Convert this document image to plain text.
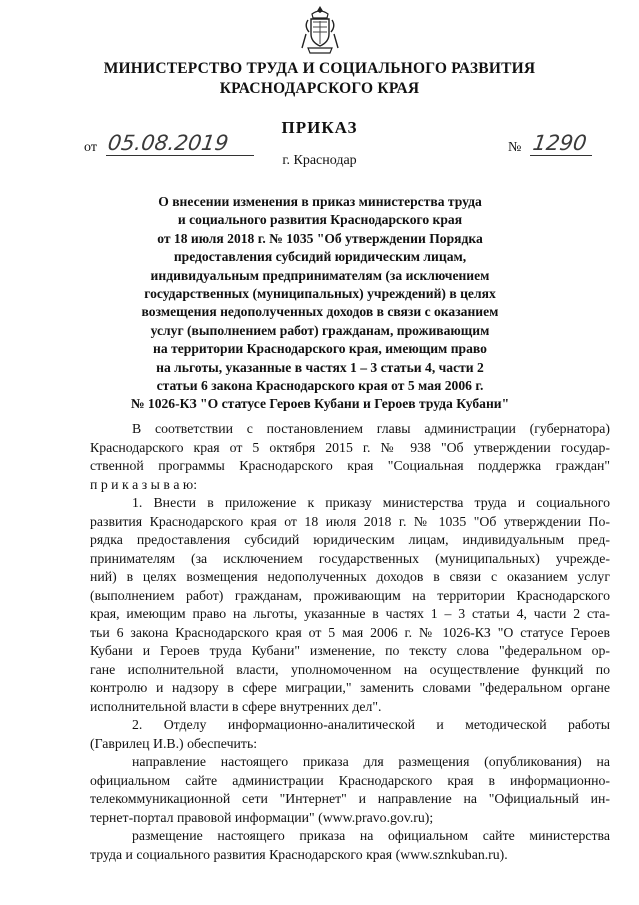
МИНИСТЕРСТВО ТРУДА И СОЦИАЛЬНОГО РАЗВИТИЯ
КРАСНОДАРСКОГО КРАЯ
ПРИКАЗ
от 05.08.2019	№ 1290
г. Краснодар
О внесении изменения в приказ министерства труда
и социального развития Краснодарского края
от 18 июля 2018 г. № 1035 "Об утверждении Порядка
предоставления субсидий юридическим лицам,
индивидуальным предпринимателям (за исключением
государственных (муниципальных) учреждений) в целях
возмещения недополученных доходов в связи с оказанием
услуг (выполнением работ) гражданам, проживающим
на территории Краснодарского края, имеющим право
на льготы, указанные в частях 1 – 3 статьи 4, части 2
статьи 6 закона Краснодарского края от 5 мая 2006 г.
№ 1026-КЗ "О статусе Героев Кубани и Героев труда Кубани"
В соответствии с постановлением главы администрации (губернатора)
Краснодарского края от 5 октября 2015 г. № 938 "Об утверждении государ-
ственной программы Краснодарского края "Социальная поддержка граждан"
п р и к а з ы в а ю:
1. Внести в приложение к приказу министерства труда и социального
развития Краснодарского края от 18 июля 2018 г. № 1035 "Об утверждении По-
рядка предоставления субсидий юридическим лицам, индивидуальным пред-
принимателям (за исключением государственных (муниципальных) учрежде-
ний) в целях возмещения недополученных доходов в связи с оказанием услуг
(выполнением работ) гражданам, проживающим на территории Краснодарского
края, имеющим право на льготы, указанные в частях 1 – 3 статьи 4, части 2 ста-
тьи 6 закона Краснодарского края от 5 мая 2006 г. № 1026-КЗ "О статусе Героев
Кубани и Героев труда Кубани" изменение, по тексту слова "федеральном ор-
гане исполнительной власти, уполномоченном на осуществление функций по
контролю и надзору в сфере миграции," заменить словами "федеральном органе
исполнительной власти в сфере внутренних дел".
2. Отделу информационно-аналитической и методической работы
(Гаврилец И.В.) обеспечить:
направление настоящего приказа для размещения (опубликования) на
официальном сайте администрации Краснодарского края в информационно-
телекоммуникационной сети "Интернет" и направление на "Официальный ин-
тернет-портал правовой информации" (www.pravo.gov.ru);
размещение настоящего приказа на официальном сайте министерства
труда и социального развития Краснодарского края (www.sznkuban.ru).
